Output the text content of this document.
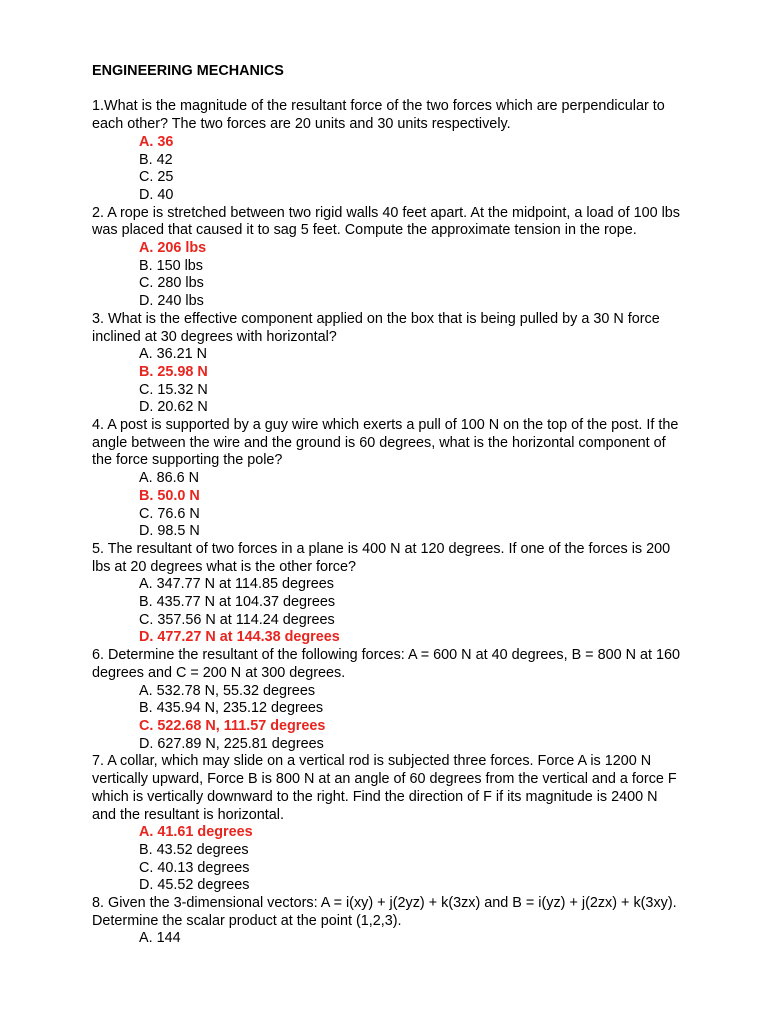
ENGINEERING MECHANICS

1.What is the magnitude of the resultant force of the two forces which are perpendicular to each other? The two forces are 20 units and 30 units respectively.

A. 36
B. 42
C. 25
D. 40

2. A rope is stretched between two rigid walls 40 feet apart. At the midpoint, a load of 100 lbs was placed that caused it to sag 5 feet. Compute the approximate tension in the rope.

A. 206 lbs
B. 150 lbs
C. 280 lbs
D. 240 lbs

3. What is the effective component applied on the box that is being pulled by a 30 N force inclined at 30 degrees with horizontal?

A. 36.21 N
B. 25.98 N
C. 15.32 N
D. 20.62 N

4. A post is supported by a guy wire which exerts a pull of 100 N on the top of the post. If the angle between the wire and the ground is 60 degrees, what is the horizontal component of the force supporting the pole?

A. 86.6 N
B. 50.0 N
C. 76.6 N
D. 98.5 N

5. The resultant of two forces in a plane is 400 N at 120 degrees. If one of the forces is 200 lbs at 20 degrees what is the other force?

A. 347.77 N at 114.85 degrees
B. 435.77 N at 104.37 degrees
C. 357.56 N at 114.24 degrees
D. 477.27 N at 144.38 degrees

6. Determine the resultant of the following forces: A = 600 N at 40 degrees, B = 800 N at 160 degrees and C = 200 N at 300 degrees.

A. 532.78 N, 55.32 degrees
B. 435.94 N, 235.12 degrees
C. 522.68 N, 111.57 degrees
D. 627.89 N, 225.81 degrees

7. A collar, which may slide on a vertical rod is subjected three forces. Force A is 1200 N vertically upward, Force B is 800 N at an angle of 60 degrees from the vertical and a force F which is vertically downward to the right. Find the direction of F if its magnitude is 2400 N and the resultant is horizontal.

A. 41.61 degrees
B. 43.52 degrees
C. 40.13 degrees
D. 45.52 degrees

8. Given the 3-dimensional vectors: A = i(xy) + j(2yz) + k(3zx) and B = i(yz) + j(2zx) + k(3xy). Determine the scalar product at the point (1,2,3).

A. 144
